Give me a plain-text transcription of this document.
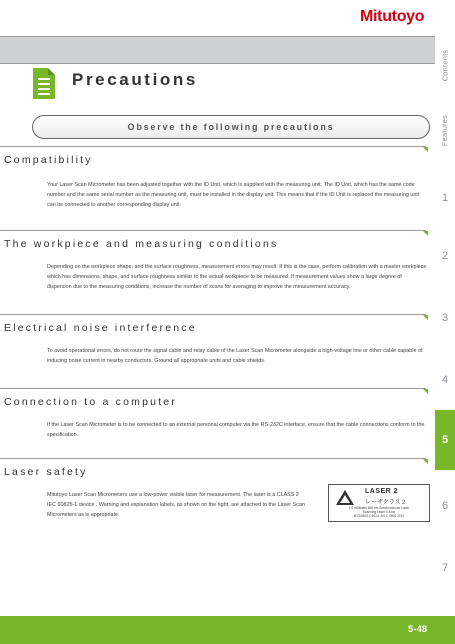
Mitutoyo
Contents
Features
1
2
3
4
5
6
7
Precautions
Observe the following precautions
Compatibility
Your Laser Scan Micrometer has been adjusted together with the ID Unit, which is supplied with the measuring unit. The ID Unit, which has the same code number and the same serial number as the measuring unit, must be installed in the display unit. This means that if the ID Unit is replaced the measuring unit can be connected to another corresponding display unit.
The workpiece and measuring conditions
Depending on the workpiece shape, and the surface roughness, measurement errors may result. If this is the case, perform calibration with a master workpiece which has dimensions, shape, and surface roughness similar to the actual workpiece to be measured. If measurement values show a large degree of dispersion due to the measuring conditions, increase the number of scans for averaging to improve the measurement accuracy.
Electrical noise interference
To avoid operational errors, do not route the signal cable and relay cable of the Laser Scan Micrometer alongside a high-voltage line or other cable capable of inducing noise current in nearby conductors. Ground all appropriate units and cable shields.
Connection to a computer
If the Laser Scan Micrometer is to be connected to an external personal computer via the RS-232C interface, ensure that the cable connections conform to the specification.
Laser safety
Mitutoyo Laser Scan Micrometers use a low-power visible laser for measurement. The laser is a CLASS 2 IEC 60825-1 device . Warning and explanation labels, as shown on the right, are attached to the Laser Scan Micrometers as is appropriate.
LASER 2
レーザクラス２
1.0 milliwatts 650 nm Semiconductor Laser
Scanning Laser 4.8 kw
IEC60825-1:2014, JIS C 6802:2014
5-48
